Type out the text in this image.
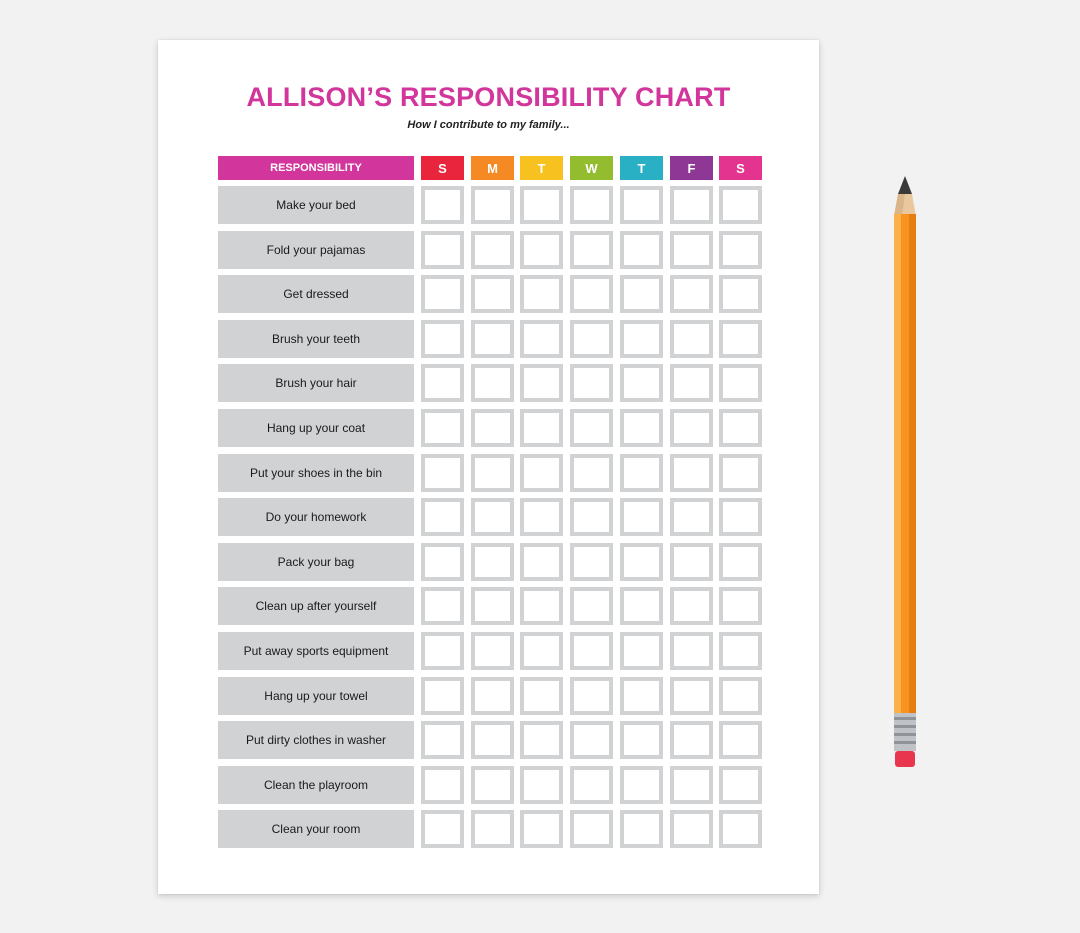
ALLISON’S RESPONSIBILITY CHART
How I contribute to my family...
RESPONSIBILITY	S	M	T	W	T	F	S
Make your bed
Fold your pajamas
Get dressed
Brush your teeth
Brush your hair
Hang up your coat
Put your shoes in the bin
Do your homework
Pack your bag
Clean up after yourself
Put away sports equipment
Hang up your towel
Put dirty clothes in washer
Clean the playroom
Clean your room
